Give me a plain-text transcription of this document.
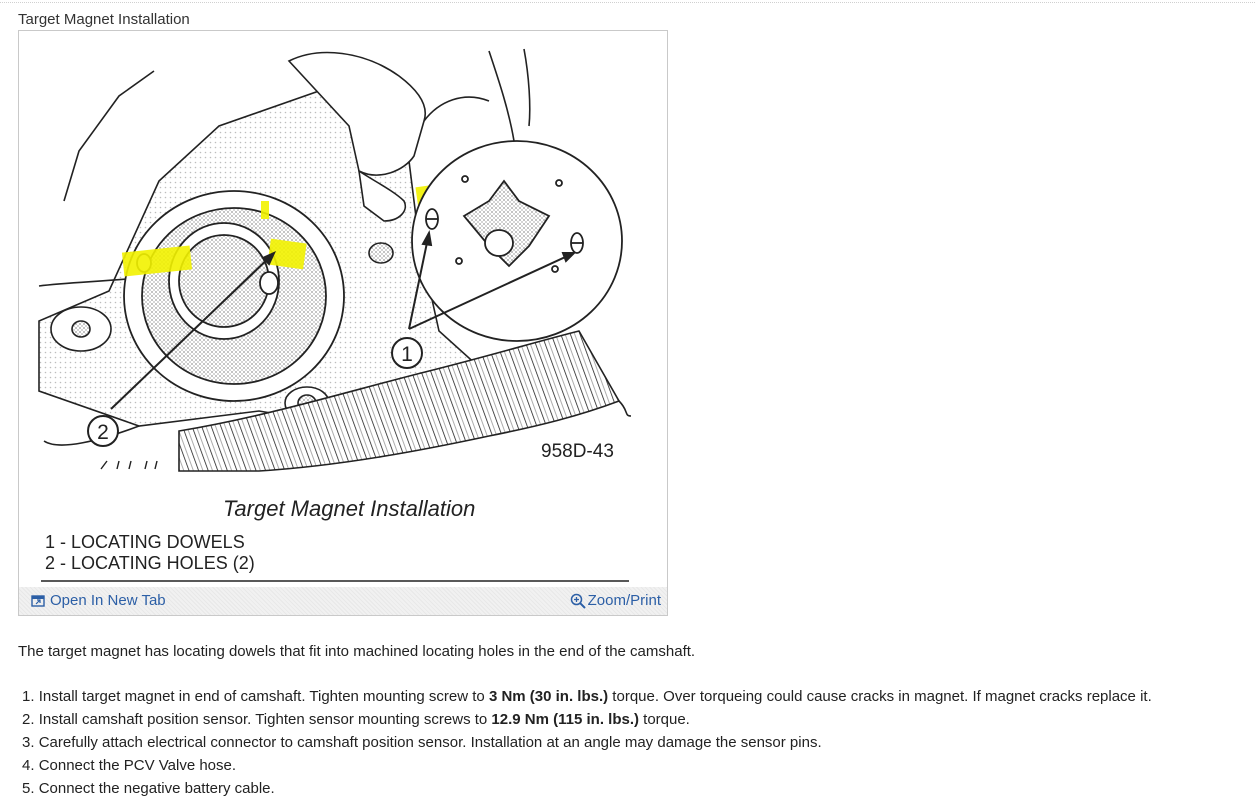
Target Magnet Installation
1
2
958D-43
Target Magnet Installation
1 - LOCATING DOWELS
2 - LOCATING HOLES (2)
Open In New Tab	Zoom/Print
The target magnet has locating dowels that fit into machined locating holes in the end of the camshaft.
1. Install target magnet in end of camshaft. Tighten mounting screw to 3 Nm (30 in. lbs.) torque. Over torqueing could cause cracks in magnet. If magnet cracks replace it.
2. Install camshaft position sensor. Tighten sensor mounting screws to 12.9 Nm (115 in. lbs.) torque.
3. Carefully attach electrical connector to camshaft position sensor. Installation at an angle may damage the sensor pins.
4. Connect the PCV Valve hose.
5. Connect the negative battery cable.
